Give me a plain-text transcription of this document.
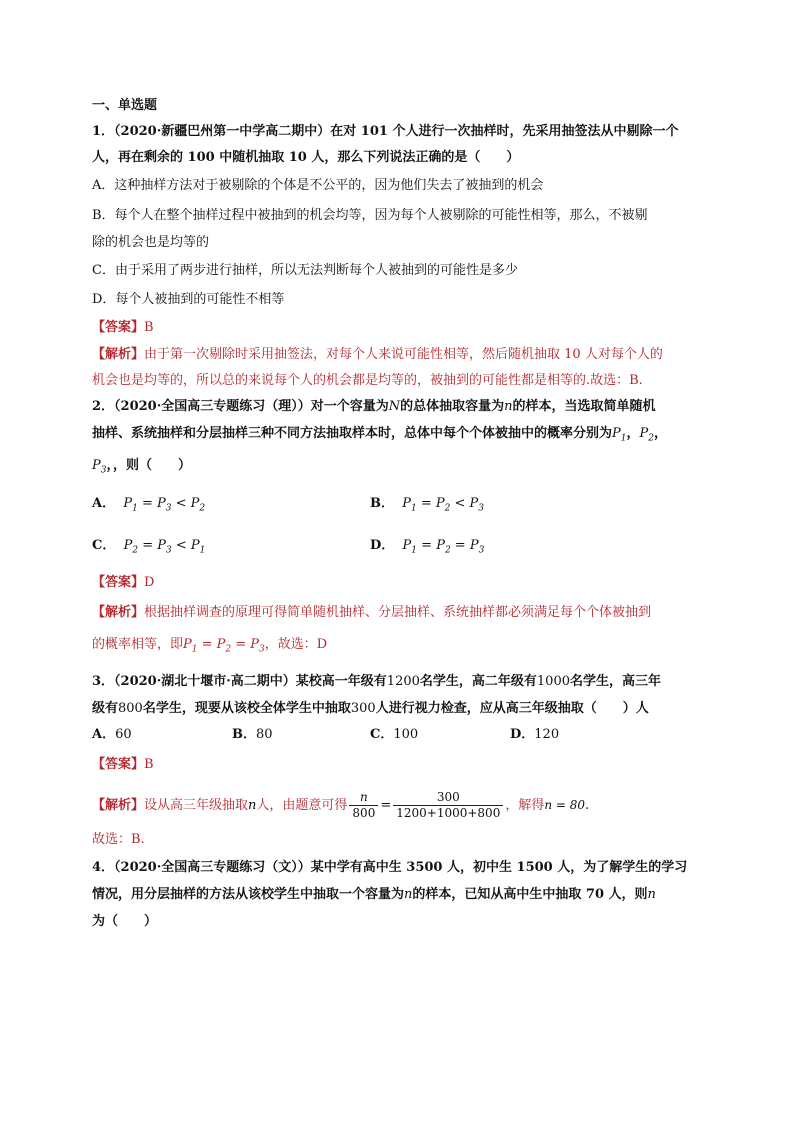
一、单选题
1．（2020·新疆巴州第一中学高二期中）在对 101 个人进行一次抽样时，先采用抽签法从中剔除一个
人，再在剩余的 100 中随机抽取 10 人，那么下列说法正确的是（　　）
A．这种抽样方法对于被剔除的个体是不公平的，因为他们失去了被抽到的机会
B．每个人在整个抽样过程中被抽到的机会均等，因为每个人被剔除的可能性相等，那么，不被剔
除的机会也是均等的
C．由于采用了两步进行抽样，所以无法判断每个人被抽到的可能性是多少
D．每个人被抽到的可能性不相等
【答案】B
【解析】由于第一次剔除时采用抽签法，对每个人来说可能性相等，然后随机抽取 10 人对每个人的
机会也是均等的，所以总的来说每个人的机会都是均等的，被抽到的可能性都是相等的.故选：B.
2．（2020·全国高三专题练习（理））对一个容量为N的总体抽取容量为n的样本，当选取简单随机
抽样、系统抽样和分层抽样三种不同方法抽取样本时，总体中每个个体被抽中的概率分别为$P_1$，$P_2$，
$P_3$，，则（　　）
A． $P_1 = P_3 < P_2$	B． $P_1 = P_2 < P_3$
C． $P_2 = P_3 < P_1$	D． $P_1 = P_2 = P_3$
【答案】D
【解析】根据抽样调查的原理可得简单随机抽样、分层抽样、系统抽样都必须满足每个个体被抽到
的概率相等，即$P_1 = P_2 = P_3$，故选：D
3．（2020·湖北十堰市·高二期中）某校高一年级有1200名学生，高二年级有1000名学生，高三年
级有800名学生，现要从该校全体学生中抽取300人进行视力检查，应从高三年级抽取（　　）人
A．60	B．80	C．100	D．120
【答案】B
【解析】 设从高三年级抽取 n 人，由题意可得 $\frac{n}{800} = \frac{300}{1200+1000+800}$ ，解得 n = 80 .
故选：B.
4．（2020·全国高三专题练习（文））某中学有高中生 3500 人，初中生 1500 人，为了解学生的学习
情况，用分层抽样的方法从该校学生中抽取一个容量为n的样本，已知从高中生中抽取 70 人，则n
为（　　）
